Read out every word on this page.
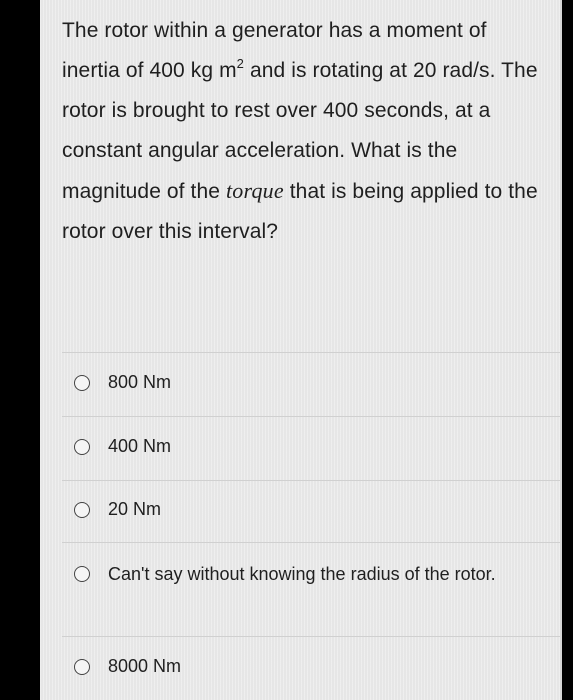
The rotor within a generator has a moment of inertia of 400 kg $m^2$ and is rotating at 20 rad/s. The rotor is brought to rest over 400 seconds, at a constant angular acceleration. What is the magnitude of the torque that is being applied to the rotor over this interval?

800 Nm
400 Nm
20 Nm
Can't say without knowing the radius of the rotor.
8000 Nm
